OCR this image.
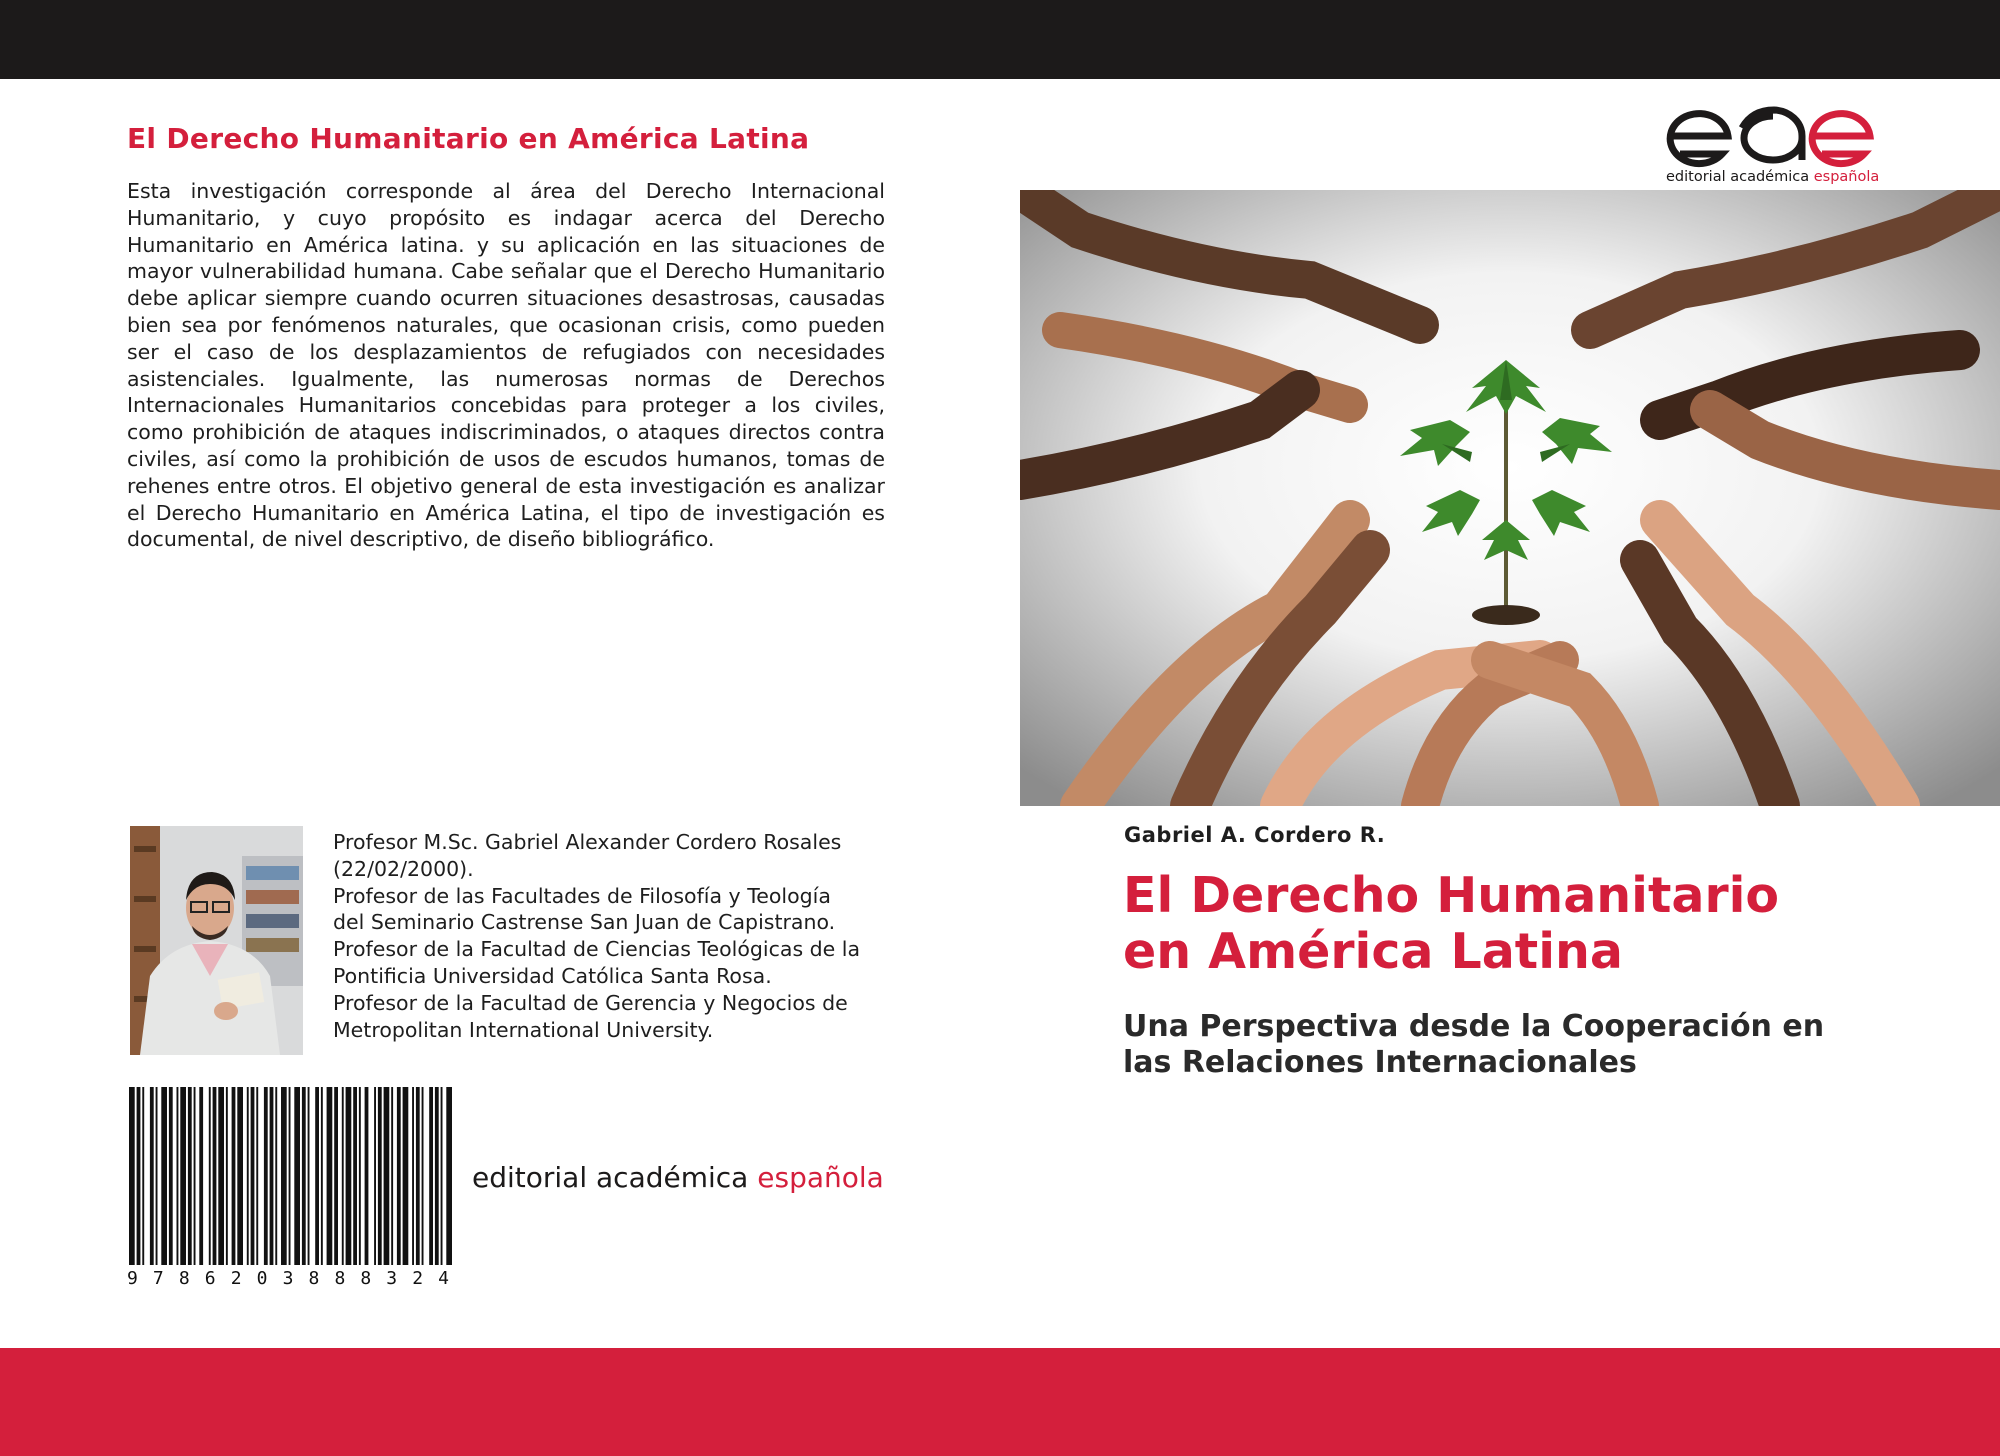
El Derecho Humanitario en América Latina
Esta investigación corresponde al área del Derecho Internacional Humanitario, y cuyo propósito es indagar acerca del Derecho Humanitario en América latina. y su aplicación en las situaciones de mayor vulnerabilidad humana. Cabe señalar que el Derecho Humanitario debe aplicar siempre cuando ocurren situaciones desastrosas, causadas bien sea por fenómenos naturales, que ocasionan crisis, como pueden ser el caso de los desplazamientos de refugiados con necesidades asistenciales. Igualmente, las numerosas normas de Derechos Internacionales Humanitarios concebidas para proteger a los civiles, como prohibición de ataques indiscriminados, o ataques directos contra civiles, así como la prohibición de usos de escudos humanos, tomas de rehenes entre otros. El objetivo general de esta investigación es analizar el Derecho Humanitario en América Latina, el tipo de investigación es documental, de nivel descriptivo, de diseño bibliográfico.
Profesor M.Sc. Gabriel Alexander Cordero Rosales
(22/02/2000).
Profesor de las Facultades de Filosofía y Teología
del Seminario Castrense San Juan de Capistrano.
Profesor de la Facultad de Ciencias Teológicas de la
Pontificia Universidad Católica Santa Rosa.
Profesor de la Facultad de Gerencia y Negocios de
Metropolitan International University.
9786203888324
editorial académica española
editorial académica española
Gabriel A. Cordero R.
El Derecho Humanitario
en América Latina
Una Perspectiva desde la Cooperación en
las Relaciones Internacionales
